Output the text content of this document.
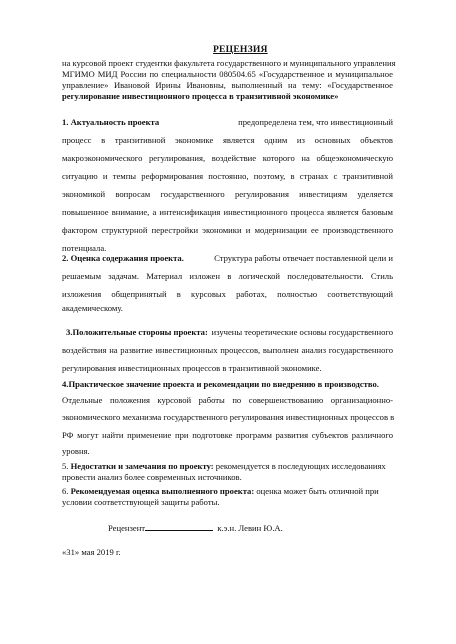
РЕЦЕНЗИЯ
на курсовой проект студентки факультета государственного и муниципального управления
МГИМО МИД России по специальности 080504.65 «Государственное и муниципальное
управление» Ивановой Ирины Ивановны, выполненный на тему: «Государственное
регулирование инвестиционного процесса в транзитивной экономике»
1. Актуальность проекта	предопределена тем, что инвестиционный
процесс в транзитивной экономике является одним из основных объектов
макроэкономического регулирования, воздействие которого на общеэкономическую
ситуацию и темпы реформирования постоянно, поэтому, в странах с транзитивной
экономикой вопросам государственного регулирования инвестициям уделяется
повышенное внимание, а интенсификация инвестиционного процесса является базовым
фактором структурной перестройки экономики и модернизации ее производственного
потенциала.
2. Оценка содержания проекта.	Структура работы отвечает поставленной цели и
решаемым задачам. Материал изложен в логической последовательности. Стиль
изложения общепринятый в курсовых работах, полностью соответствующий
академическому.
3.Положительные стороны проекта: изучены теоретические основы государственного
воздействия на развитие инвестиционных процессов, выполнен анализ государственного
регулирования инвестиционных процессов в транзитивной экономике.
4.Практическое значение проекта и рекомендации по внедрению в производство.
Отдельные положения курсовой работы по совершенствованию организационно-
экономического механизма государственного регулирования инвестиционных процессов в
РФ могут найти применение при подготовке программ развития субъектов различного
уровня.
5. Недостатки и замечания по проекту: рекомендуется в последующих исследованиях
провести анализ более современных источников.
6. Рекомендуемая оценка выполненного проекта: оценка может быть отличной при
условии соответствующей защиты работы.
Рецензент	к.э.н. Левин Ю.А.
«31» мая 2019 г.
